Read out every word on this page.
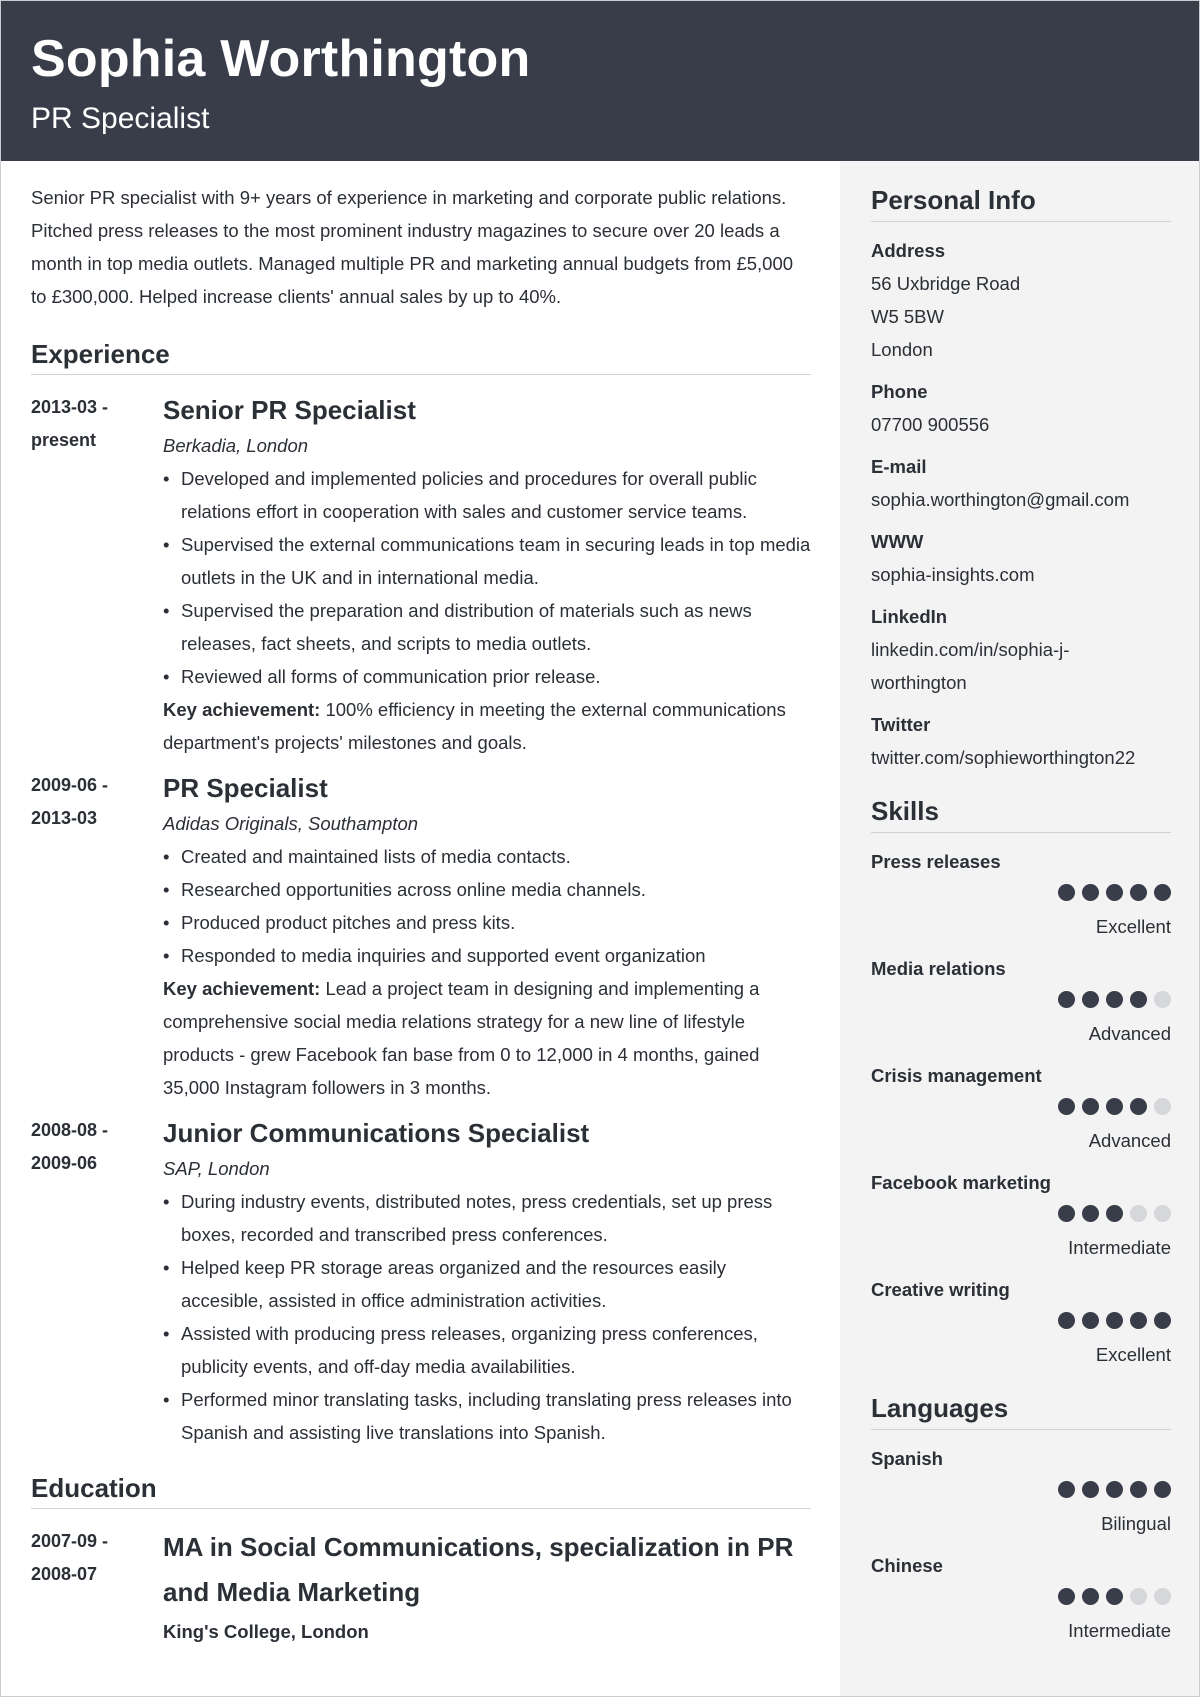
Sophia Worthington
PR Specialist
Senior PR specialist with 9+ years of experience in marketing and corporate public relations. Pitched press releases to the most prominent industry magazines to secure over 20 leads a month in top media outlets. Managed multiple PR and marketing annual budgets from £5,000 to £300,000. Helped increase clients' annual sales by up to 40%.
Experience
2013-03 -
present
Senior PR Specialist
Berkadia, London
• Developed and implemented policies and procedures for overall public relations effort in cooperation with sales and customer service teams.
• Supervised the external communications team in securing leads in top media outlets in the UK and in international media.
• Supervised the preparation and distribution of materials such as news releases, fact sheets, and scripts to media outlets.
• Reviewed all forms of communication prior release.
Key achievement: 100% efficiency in meeting the external communications department's projects' milestones and goals.
2009-06 -
2013-03
PR Specialist
Adidas Originals, Southampton
• Created and maintained lists of media contacts.
• Researched opportunities across online media channels.
• Produced product pitches and press kits.
• Responded to media inquiries and supported event organization
Key achievement: Lead a project team in designing and implementing a comprehensive social media relations strategy for a new line of lifestyle products - grew Facebook fan base from 0 to 12,000 in 4 months, gained 35,000 Instagram followers in 3 months.
2008-08 -
2009-06
Junior Communications Specialist
SAP, London
• During industry events, distributed notes, press credentials, set up press boxes, recorded and transcribed press conferences.
• Helped keep PR storage areas organized and the resources easily accesible, assisted in office administration activities.
• Assisted with producing press releases, organizing press conferences, publicity events, and off-day media availabilities.
• Performed minor translating tasks, including translating press releases into Spanish and assisting live translations into Spanish.
Education
2007-09 -
2008-07
MA in Social Communications, specialization in PR and Media Marketing
King's College, London
Personal Info
Address
56 Uxbridge Road
W5 5BW
London
Phone
07700 900556
E-mail
sophia.worthington@gmail.com
WWW
sophia-insights.com
LinkedIn
linkedin.com/in/sophia-j-
worthington
Twitter
twitter.com/sophieworthington22
Skills
Press releases
Excellent
Media relations
Advanced
Crisis management
Advanced
Facebook marketing
Intermediate
Creative writing
Excellent
Languages
Spanish
Bilingual
Chinese
Intermediate
